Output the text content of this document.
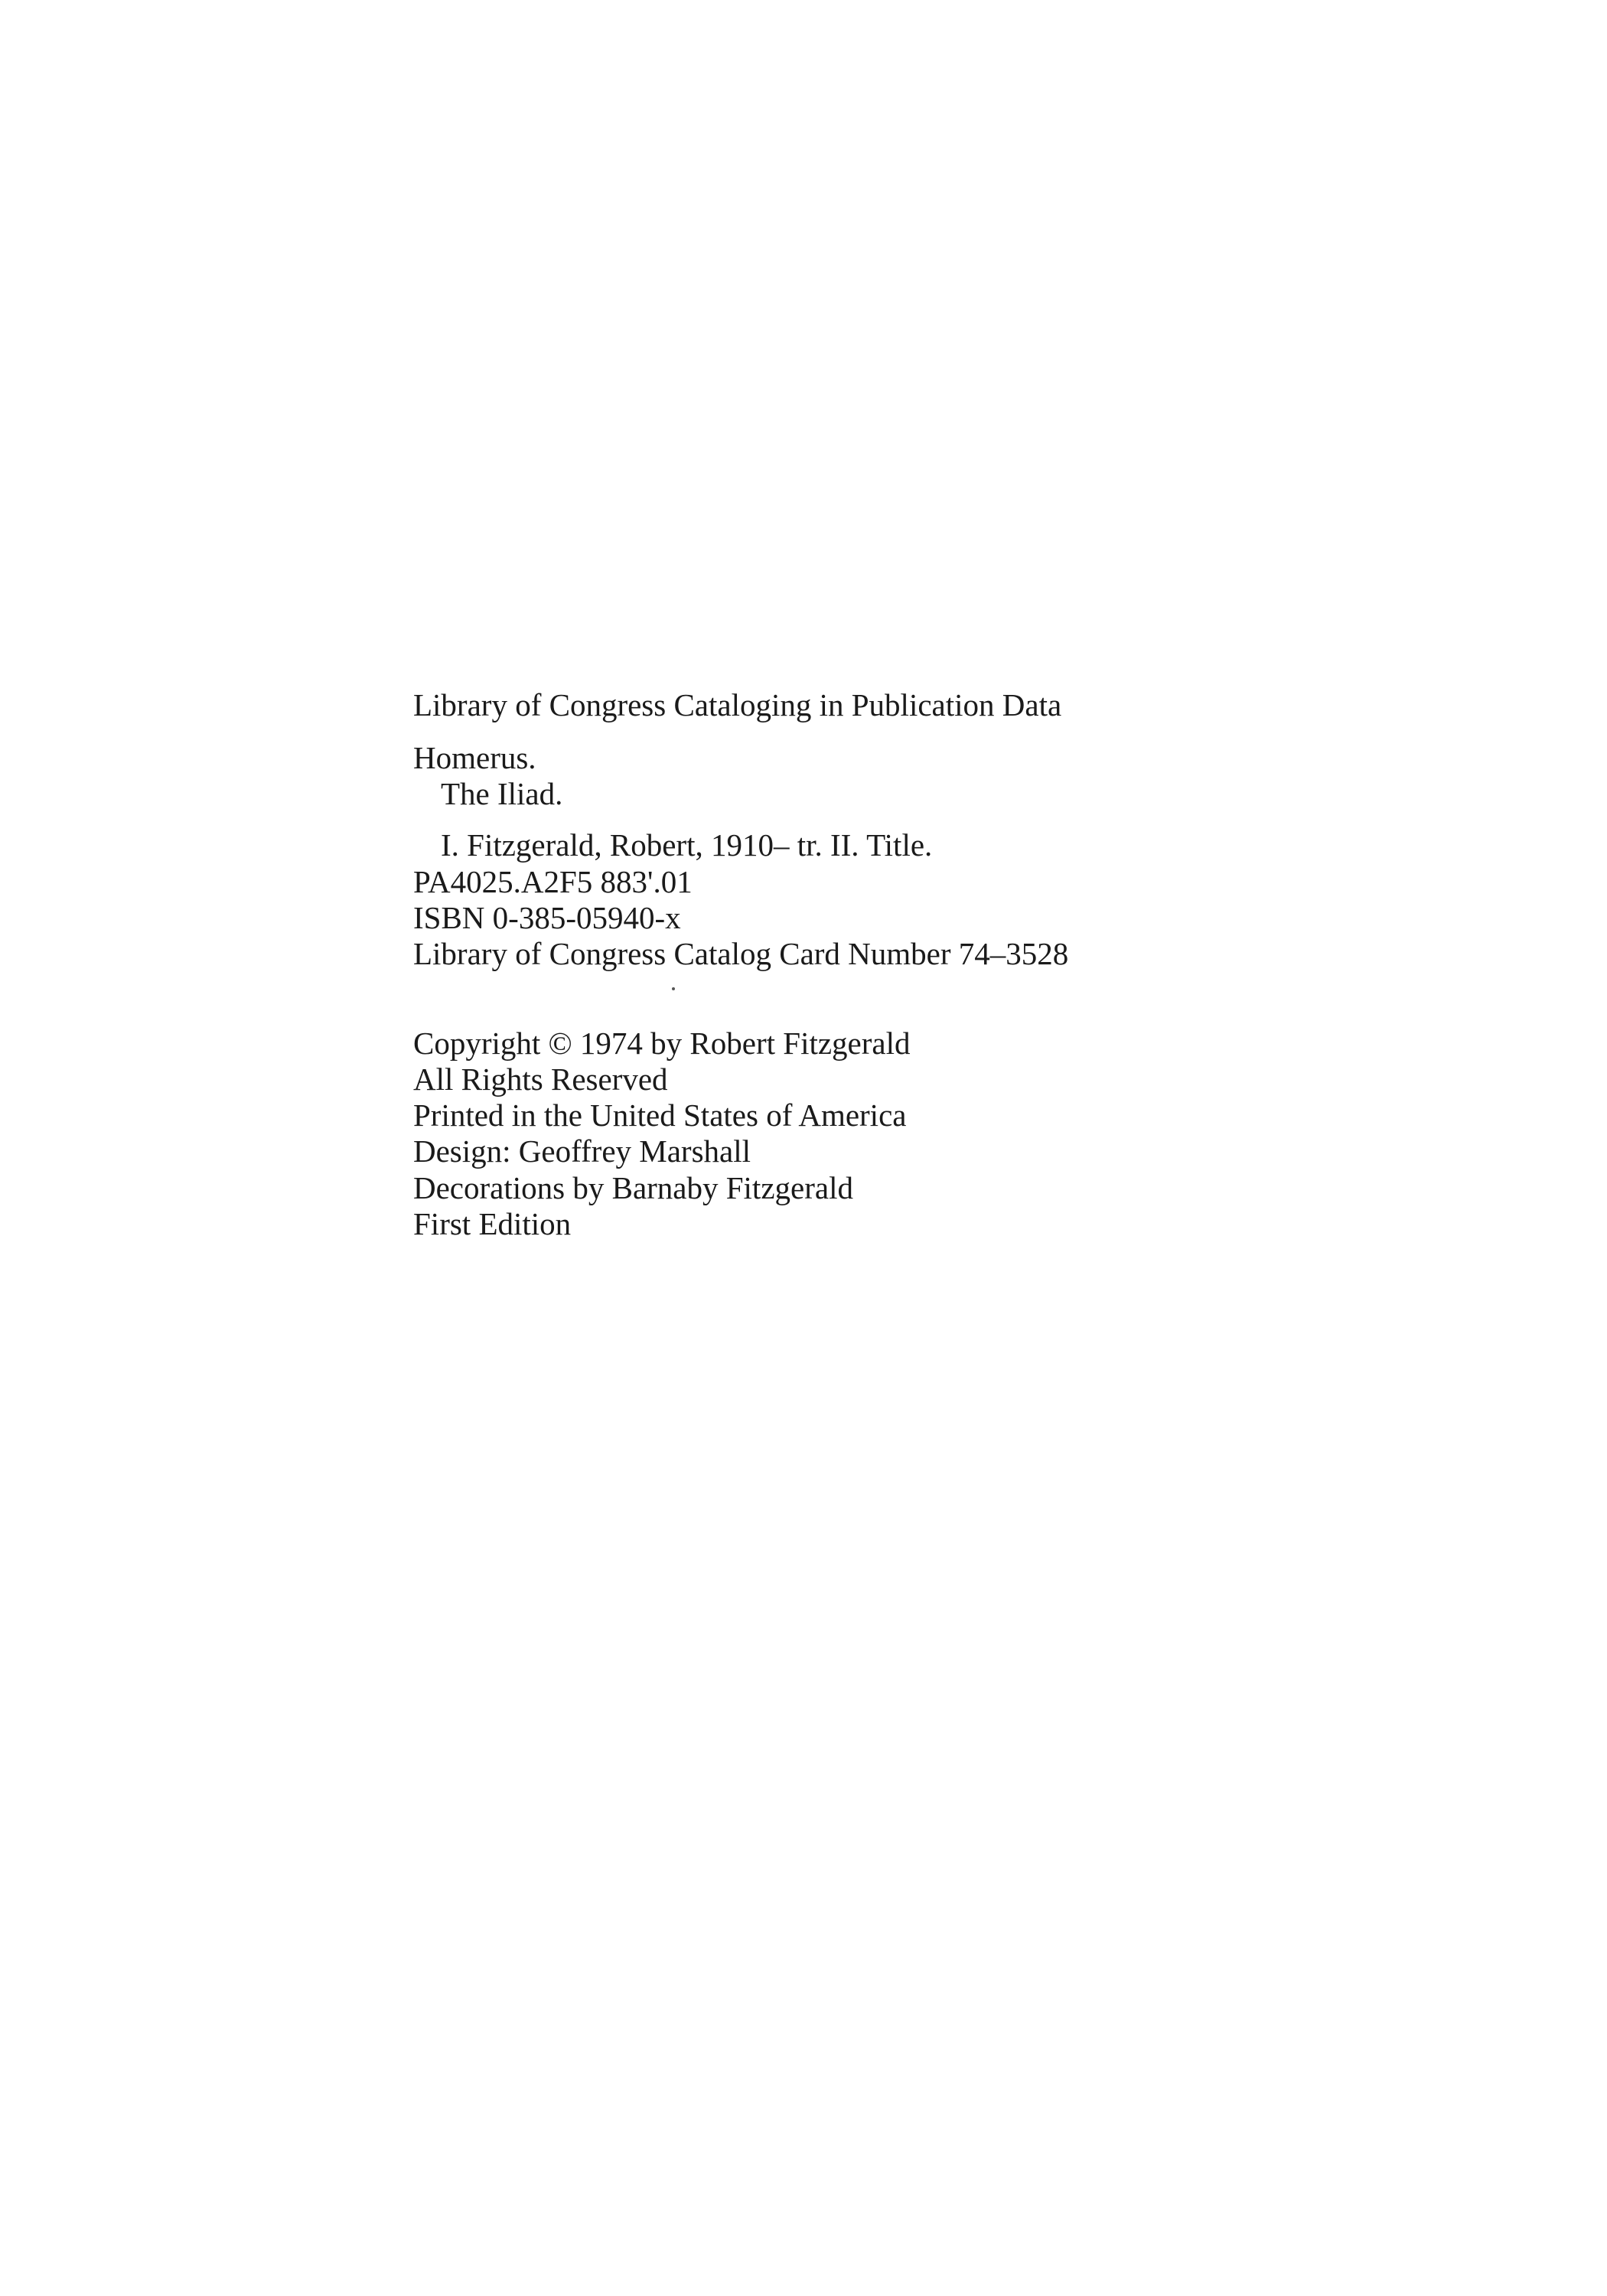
Library of Congress Cataloging in Publication Data
Homerus.
The Iliad.
I. Fitzgerald, Robert, 1910– tr. II. Title.
PA4025.A2F5 883'.01
ISBN 0-385-05940-x
Library of Congress Catalog Card Number 74–3528
Copyright © 1974 by Robert Fitzgerald
All Rights Reserved
Printed in the United States of America
Design: Geoffrey Marshall
Decorations by Barnaby Fitzgerald
First Edition
